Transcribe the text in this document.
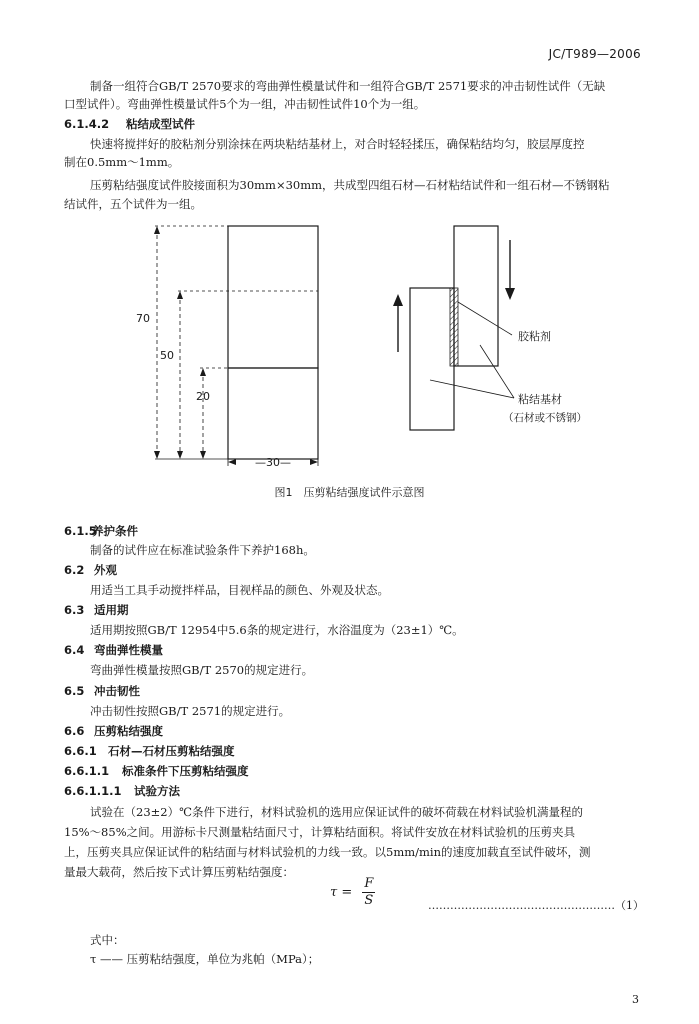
JC/T989—2006
制备一组符合GB/T 2570要求的弯曲弹性模量试件和一组符合GB/T 2571要求的冲击韧性试件（无缺
口型试件）。弯曲弹性模量试件5个为一组，冲击韧性试件10个为一组。
6.1.4.2 粘结成型试件
快速将搅拌好的胶粘剂分别涂抹在两块粘结基材上，对合时轻轻揉压，确保粘结均匀，胶层厚度控
制在0.5mm～1mm。
压剪粘结强度试件胶接面积为30mm×30mm，共成型四组石材—石材粘结试件和一组石材—不锈钢粘
结试件，五个试件为一组。
70
50
20
—30—
胶粘剂
粘结基材
（石材或不锈钢）
图1　压剪粘结强度试件示意图
6.1.5养护条件
制备的试件应在标准试验条件下养护168h。
6.2 外观
用适当工具手动搅拌样品，目视样品的颜色、外观及状态。
6.3 适用期
适用期按照GB/T 12954中5.6条的规定进行，水浴温度为（23±1）℃。
6.4 弯曲弹性模量
弯曲弹性模量按照GB/T 2570的规定进行。
6.5 冲击韧性
冲击韧性按照GB/T 2571的规定进行。
6.6 压剪粘结强度
6.6.1 石材—石材压剪粘结强度
6.6.1.1 标准条件下压剪粘结强度
6.6.1.1.1 试验方法
试验在（23±2）℃条件下进行，材料试验机的选用应保证试件的破坏荷载在材料试验机满量程的
15%～85%之间。用游标卡尺测量粘结面尺寸，计算粘结面积。将试件安放在材料试验机的压剪夹具
上，压剪夹具应保证试件的粘结面与材料试验机的力线一致。以5mm/min的速度加载直至试件破坏，测
量最大载荷，然后按下式计算压剪粘结强度：
$\tau = \frac{F}{S}$	……………………………………………（1）
式中：
τ —— 压剪粘结强度，单位为兆帕（MPa）；
3
